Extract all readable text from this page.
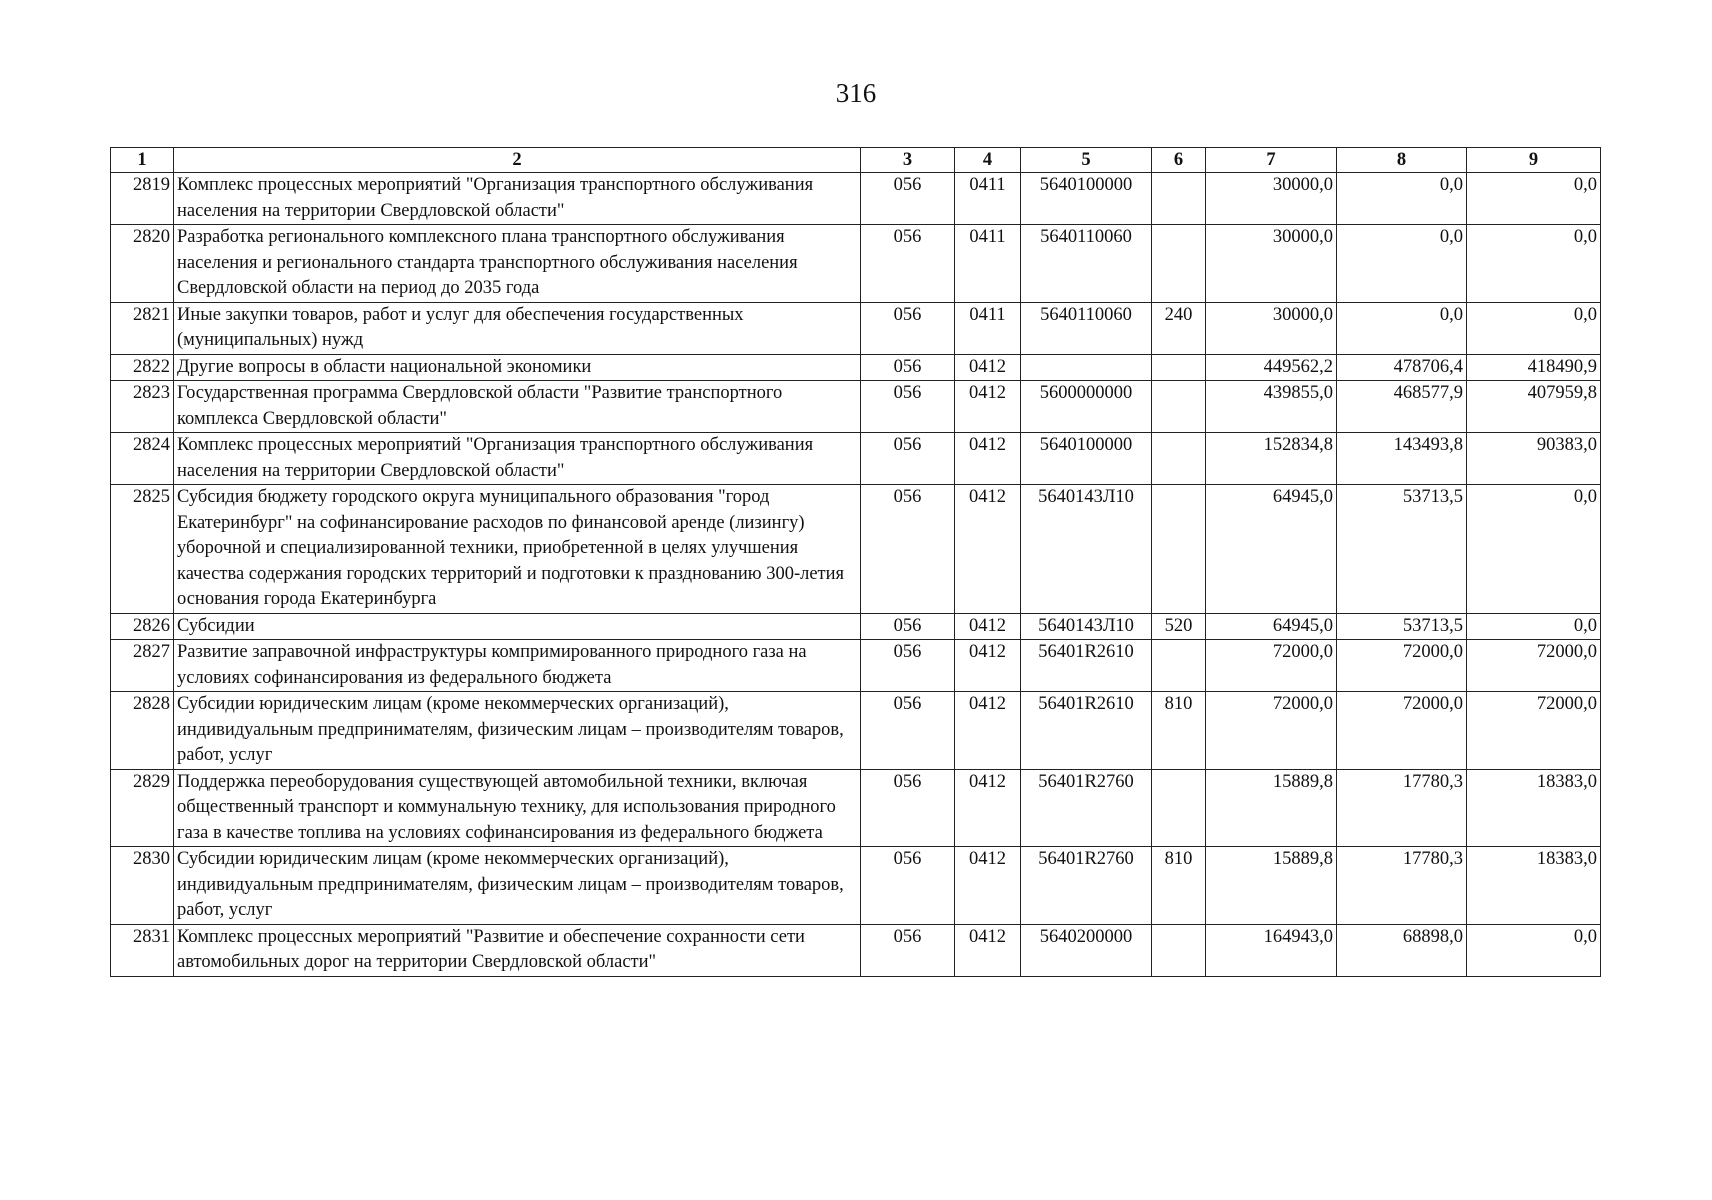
316
1	2	3	4	5	6	7	8	9
2819	Комплекс процессных мероприятий "Организация транспортного обслуживания населения на территории Свердловской области"	056	0411	5640100000		30000,0	0,0	0,0
2820	Разработка регионального комплексного плана транспортного обслуживания населения и регионального стандарта транспортного обслуживания населения Свердловской области на период до 2035 года	056	0411	5640110060		30000,0	0,0	0,0
2821	Иные закупки товаров, работ и услуг для обеспечения государственных (муниципальных) нужд	056	0411	5640110060	240	30000,0	0,0	0,0
2822	Другие вопросы в области национальной экономики	056	0412			449562,2	478706,4	418490,9
2823	Государственная программа Свердловской области "Развитие транспортного комплекса Свердловской области"	056	0412	5600000000		439855,0	468577,9	407959,8
2824	Комплекс процессных мероприятий "Организация транспортного обслуживания населения на территории Свердловской области"	056	0412	5640100000		152834,8	143493,8	90383,0
2825	Субсидия бюджету городского округа муниципального образования "город Екатеринбург" на софинансирование расходов по финансовой аренде (лизингу) уборочной и специализированной техники, приобретенной в целях улучшения качества содержания городских территорий и подготовки к празднованию 300-летия основания города Екатеринбурга	056	0412	5640143Л10		64945,0	53713,5	0,0
2826	Субсидии	056	0412	5640143Л10	520	64945,0	53713,5	0,0
2827	Развитие заправочной инфраструктуры компримированного природного газа на условиях софинансирования из федерального бюджета	056	0412	56401R2610		72000,0	72000,0	72000,0
2828	Субсидии юридическим лицам (кроме некоммерческих организаций), индивидуальным предпринимателям, физическим лицам – производителям товаров, работ, услуг	056	0412	56401R2610	810	72000,0	72000,0	72000,0
2829	Поддержка переоборудования существующей автомобильной техники, включая общественный транспорт и коммунальную технику, для использования природного газа в качестве топлива на условиях софинансирования из федерального бюджета	056	0412	56401R2760		15889,8	17780,3	18383,0
2830	Субсидии юридическим лицам (кроме некоммерческих организаций), индивидуальным предпринимателям, физическим лицам – производителям товаров, работ, услуг	056	0412	56401R2760	810	15889,8	17780,3	18383,0
2831	Комплекс процессных мероприятий "Развитие и обеспечение сохранности сети автомобильных дорог на территории Свердловской области"	056	0412	5640200000		164943,0	68898,0	0,0
